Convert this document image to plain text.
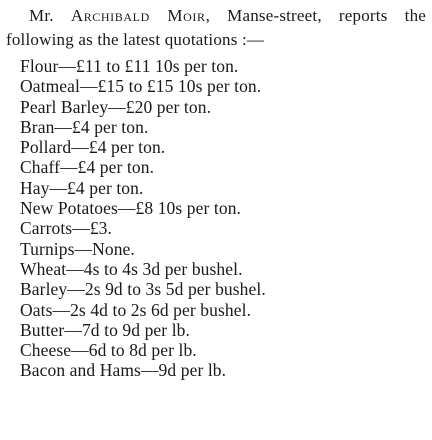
Mr. Archibald Moir, Manse-street, reports the following as the latest quotations :—

Flour—£11 to £11 10s per ton.
Oatmeal—£15 to £15 10s per ton.
Pearl Barley—£20 per ton.
Bran—£4 per ton.
Pollard—£4 per ton.
Chaff—£4 per ton.
Hay—£4 per ton.
New Potatoes—£8 10s per ton.
Carrots—£3.
Turnips—None.
Wheat—4s to 4s 3d per bushel.
Barley—2s 9d to 3s 5d per bushel.
Oats—2s 4d to 2s 6d per bushel.
Butter—7d to 9d per lb.
Cheese—6d to 8d per lb.
Bacon and Hams—9d per lb.
